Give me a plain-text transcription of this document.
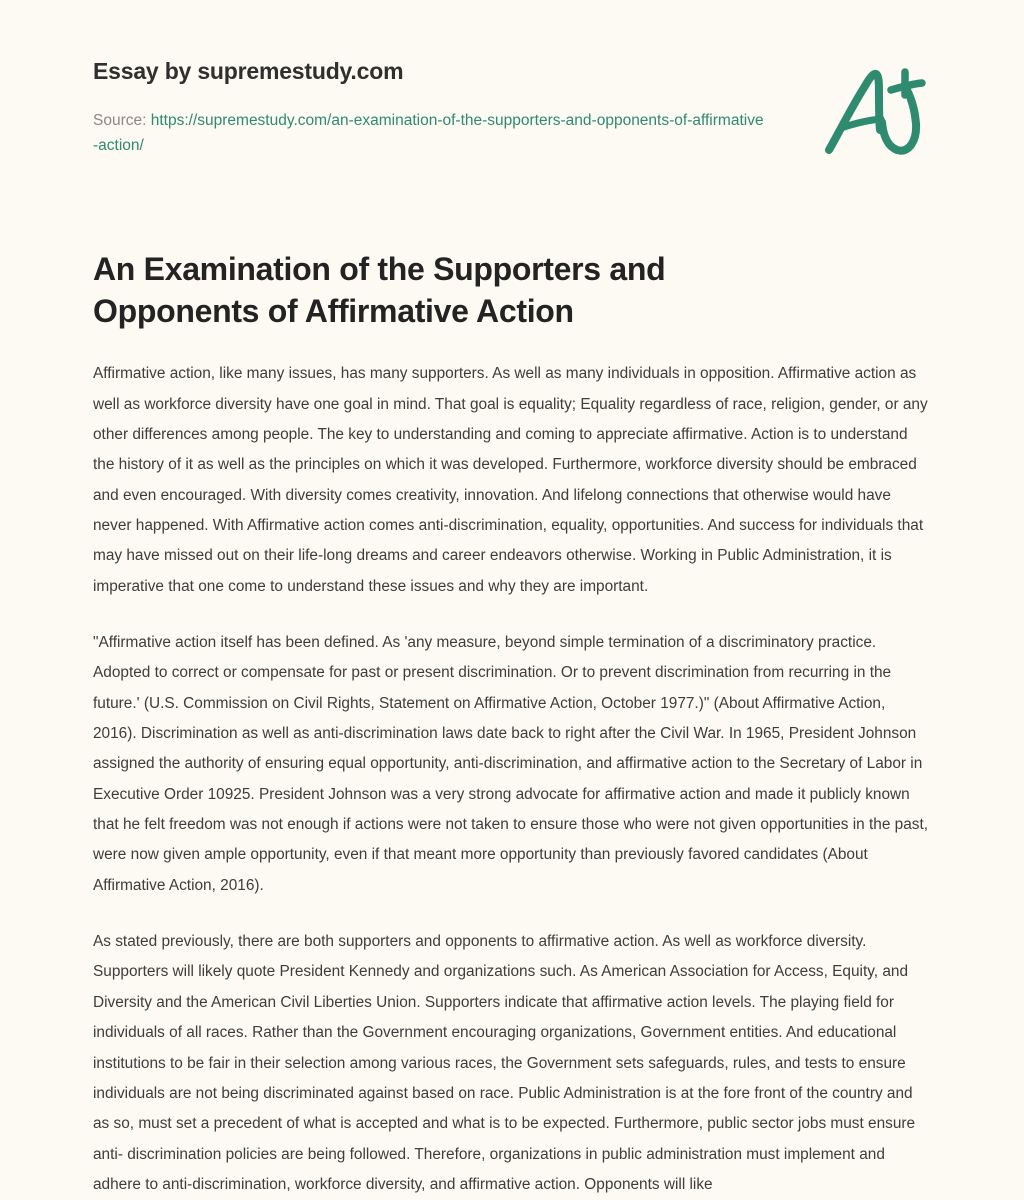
Essay by supremestudy.com
Source: https://supremestudy.com/an-examination-of-the-supporters-and-opponents-of-affirmative-action/
An Examination of the Supporters and Opponents of Affirmative Action

Affirmative action, like many issues, has many supporters. As well as many individuals in opposition. Affirmative action as well as workforce diversity have one goal in mind. That goal is equality; Equality regardless of race, religion, gender, or any other differences among people. The key to understanding and coming to appreciate affirmative. Action is to understand the history of it as well as the principles on which it was developed. Furthermore, workforce diversity should be embraced and even encouraged. With diversity comes creativity, innovation. And lifelong connections that otherwise would have never happened. With Affirmative action comes anti-discrimination, equality, opportunities. And success for individuals that may have missed out on their life-long dreams and career endeavors otherwise. Working in Public Administration, it is imperative that one come to understand these issues and why they are important.

"Affirmative action itself has been defined. As 'any measure, beyond simple termination of a discriminatory practice. Adopted to correct or compensate for past or present discrimination. Or to prevent discrimination from recurring in the future.' (U.S. Commission on Civil Rights, Statement on Affirmative Action, October 1977.)" (About Affirmative Action, 2016). Discrimination as well as anti-discrimination laws date back to right after the Civil War. In 1965, President Johnson assigned the authority of ensuring equal opportunity, anti-discrimination, and affirmative action to the Secretary of Labor in Executive Order 10925. President Johnson was a very strong advocate for affirmative action and made it publicly known that he felt freedom was not enough if actions were not taken to ensure those who were not given opportunities in the past, were now given ample opportunity, even if that meant more opportunity than previously favored candidates (About Affirmative Action, 2016).

As stated previously, there are both supporters and opponents to affirmative action. As well as workforce diversity. Supporters will likely quote President Kennedy and organizations such. As American Association for Access, Equity, and Diversity and the American Civil Liberties Union. Supporters indicate that affirmative action levels. The playing field for individuals of all races. Rather than the Government encouraging organizations, Government entities. And educational institutions to be fair in their selection among various races, the Government sets safeguards, rules, and tests to ensure individuals are not being discriminated against based on race. Public Administration is at the fore front of the country and as so, must set a precedent of what is accepted and what is to be expected. Furthermore, public sector jobs must ensure anti- discrimination policies are being followed. Therefore, organizations in public administration must implement and adhere to anti-discrimination, workforce diversity, and affirmative action. Opponents will like
